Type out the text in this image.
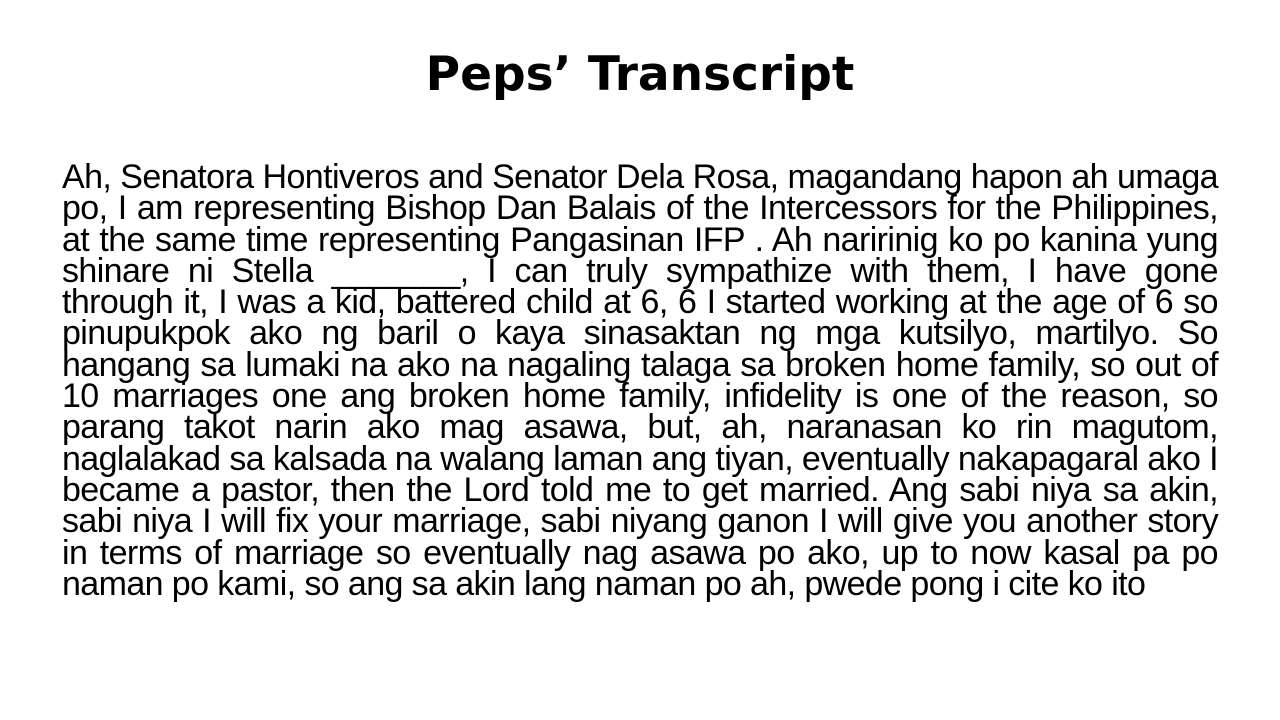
Peps’ Transcript

Ah, Senatora Hontiveros and Senator Dela Rosa, magandang hapon ah umaga po, I am representing Bishop Dan Balais of the Intercessors for the Philippines, at the same time representing Pangasinan IFP . Ah naririnig ko po kanina yung shinare ni Stella _______, I can truly sympathize with them, I have gone through it, I was a kid, battered child at 6, 6 I started working at the age of 6 so pinupukpok ako ng baril o kaya sinasaktan ng mga kutsilyo, martilyo. So hangang sa lumaki na ako na nagaling talaga sa broken home family, so out of 10 marriages one ang broken home family, infidelity is one of the reason, so parang takot narin ako mag asawa, but, ah, naranasan ko rin magutom, naglalakad sa kalsada na walang laman ang tiyan, eventually nakapagaral ako I became a pastor, then the Lord told me to get married. Ang sabi niya sa akin, sabi niya I will fix your marriage, sabi niyang ganon I will give you another story in terms of marriage so eventually nag asawa po ako, up to now kasal pa po naman po kami, so ang sa akin lang naman po ah, pwede pong i cite ko ito
